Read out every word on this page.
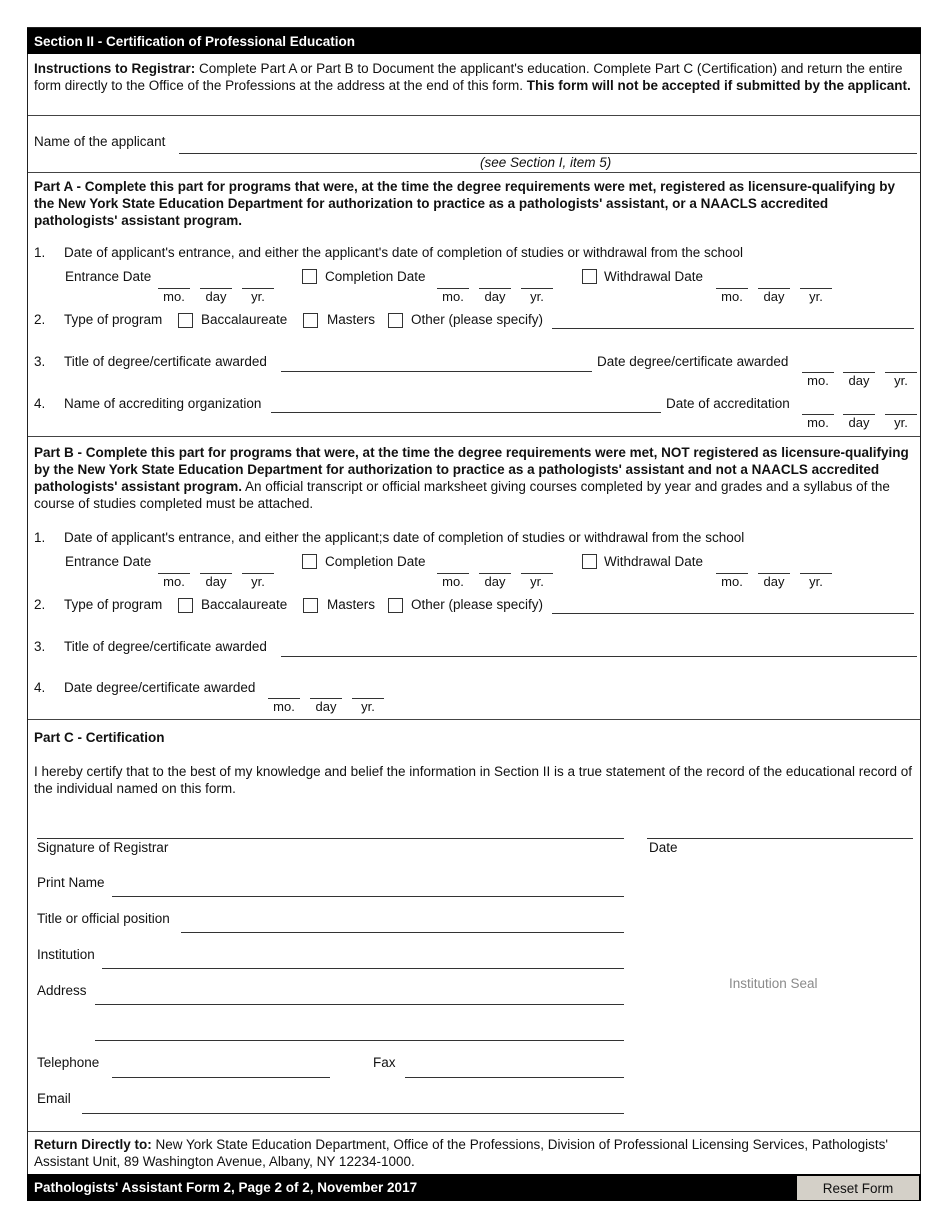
Section II - Certification of Professional Education
Instructions to Registrar: Complete Part A or Part B to Document the applicant's education. Complete Part C (Certification) and return the entire form directly to the Office of the Professions at the address at the end of this form. This form will not be accepted if submitted by the applicant.
Name of the applicant
(see Section I, item 5)
Part A - Complete this part for programs that were, at the time the degree requirements were met, registered as licensure-qualifying by the New York State Education Department for authorization to practice as a pathologists' assistant, or a NAACLS accredited pathologists' assistant program.
1. Date of applicant's entrance, and either the applicant's date of completion of studies or withdrawal from the school
Entrance Date
mo.	day	yr.
Completion Date
mo.	day	yr.
Withdrawal Date
mo.	day	yr.
2. Type of program	Baccalaureate	Masters	Other (please specify)
3. Title of degree/certificate awarded	Date degree/certificate awarded
mo.	day	yr.
4. Name of accrediting organization	Date of accreditation
mo.	day	yr.
Part B - Complete this part for programs that were, at the time the degree requirements were met, NOT registered as licensure-qualifying by the New York State Education Department for authorization to practice as a pathologists' assistant and not a NAACLS accredited pathologists' assistant program. An official transcript or official marksheet giving courses completed by year and grades and a syllabus of the course of studies completed must be attached.
1. Date of applicant's entrance, and either the applicant;s date of completion of studies or withdrawal from the school
Entrance Date
mo.	day	yr.
Completion Date
mo.	day	yr.
Withdrawal Date
mo.	day	yr.
2. Type of program	Baccalaureate	Masters	Other (please specify)
3. Title of degree/certificate awarded
4. Date degree/certificate awarded
mo.	day	yr.
Part C - Certification
I hereby certify that to the best of my knowledge and belief the information in Section II is a true statement of the record of the educational record of the individual named on this form.
Signature of Registrar	Date
Print Name
Title or official position
Institution
Address	Institution Seal
Telephone	Fax
Email
Return Directly to: New York State Education Department, Office of the Professions, Division of Professional Licensing Services, Pathologists' Assistant Unit, 89 Washington Avenue, Albany, NY 12234-1000.
Pathologists' Assistant Form 2, Page 2 of 2, November 2017	Reset Form
